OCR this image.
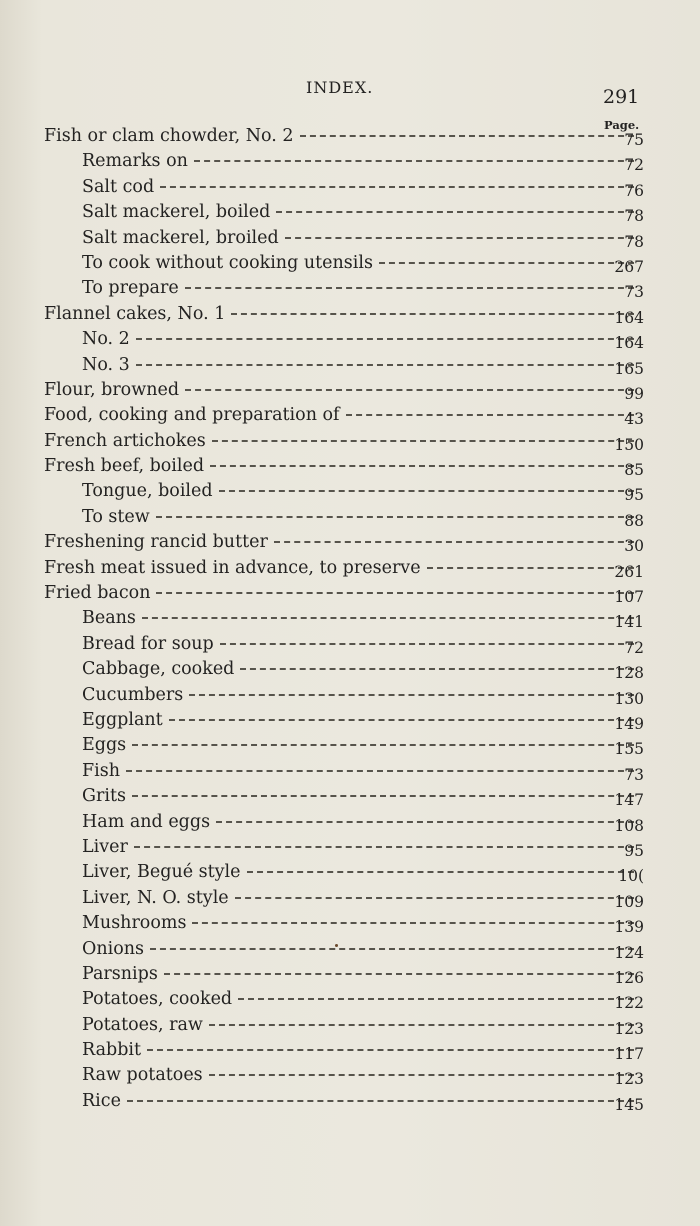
INDEX.	291
Page.
Fish or clam chowder, No. 2	75
Remarks on	72
Salt cod	76
Salt mackerel, boiled	78
Salt mackerel, broiled	78
To cook without cooking utensils	267
To prepare	73
Flannel cakes, No. 1	164
No. 2	164
No. 3	165
Flour, browned	99
Food, cooking and preparation of	43
French artichokes	150
Fresh beef, boiled	85
Tongue, boiled	95
To stew	88
Freshening rancid butter	30
Fresh meat issued in advance, to preserve	261
Fried bacon	107
Beans	141
Bread for soup	72
Cabbage, cooked	128
Cucumbers	130
Eggplant	149
Eggs	155
Fish	73
Grits	147
Ham and eggs	108
Liver	95
Liver, Begué style	10(
Liver, N. O. style	109
Mushrooms	139
Onions	124
Parsnips	126
Potatoes, cooked	122
Potatoes, raw	123
Rabbit	117
Raw potatoes	123
Rice	145
